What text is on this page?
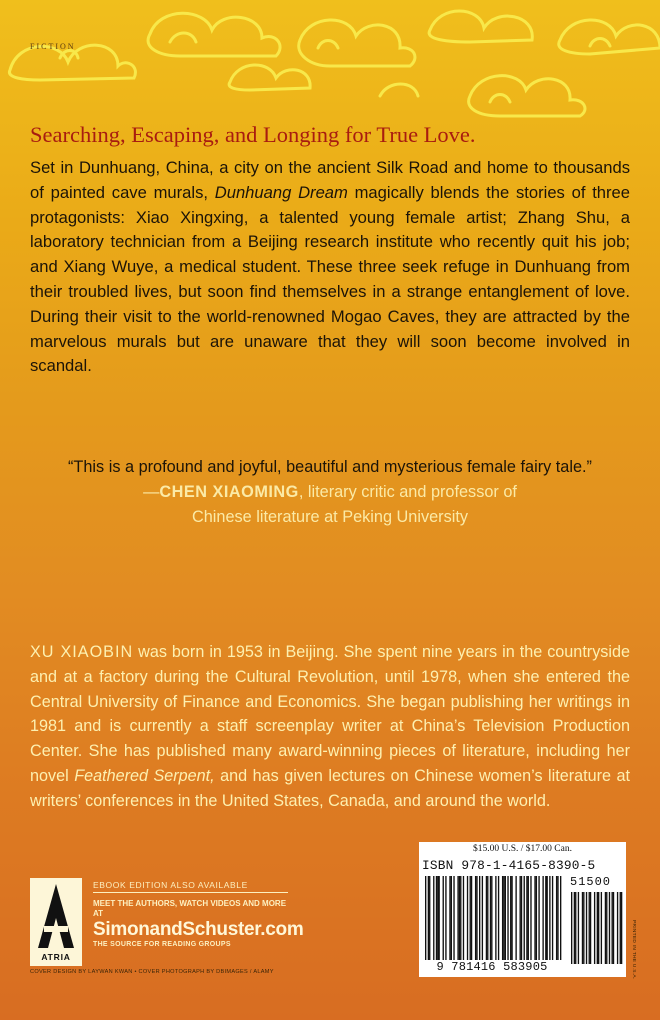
FICTION
Searching, Escaping, and Longing for True Love.
Set in Dunhuang, China, a city on the ancient Silk Road and home to thousands of painted cave murals, Dunhuang Dream magically blends the stories of three protagonists: Xiao Xingxing, a talented young female artist; Zhang Shu, a laboratory technician from a Beijing research institute who recently quit his job; and Xiang Wuye, a medical student. These three seek refuge in Dunhuang from their troubled lives, but soon find themselves in a strange entanglement of love. During their visit to the world-renowned Mogao Caves, they are attracted by the marvelous murals but are unaware that they will soon become involved in scandal.
“This is a profound and joyful, beautiful and mysterious female fairy tale.”
—CHEN XIAOMING, literary critic and professor of
Chinese literature at Peking University
XU XIAOBIN was born in 1953 in Beijing. She spent nine years in the countryside and at a factory during the Cultural Revolution, until 1978, when she entered the Central University of Finance and Economics. She began publishing her writings in 1981 and is currently a staff screenplay writer at China’s Television Production Center. She has published many award-winning pieces of literature, including her novel Feathered Serpent, and has given lectures on Chinese women’s literature at writers’ conferences in the United States, Canada, and around the world.
ATRIA
EBOOK EDITION ALSO AVAILABLE
MEET THE AUTHORS, WATCH VIDEOS AND MORE AT
SimonandSchuster.com
THE SOURCE FOR READING GROUPS
COVER DESIGN BY LAYWAN KWAN • COVER PHOTOGRAPH BY DBIMAGES / ALAMY
$15.00 U.S. / $17.00 Can.
ISBN 978-1-4165-8390-5
51500
9 781416 583905	PRINTED IN THE U.S.A.
